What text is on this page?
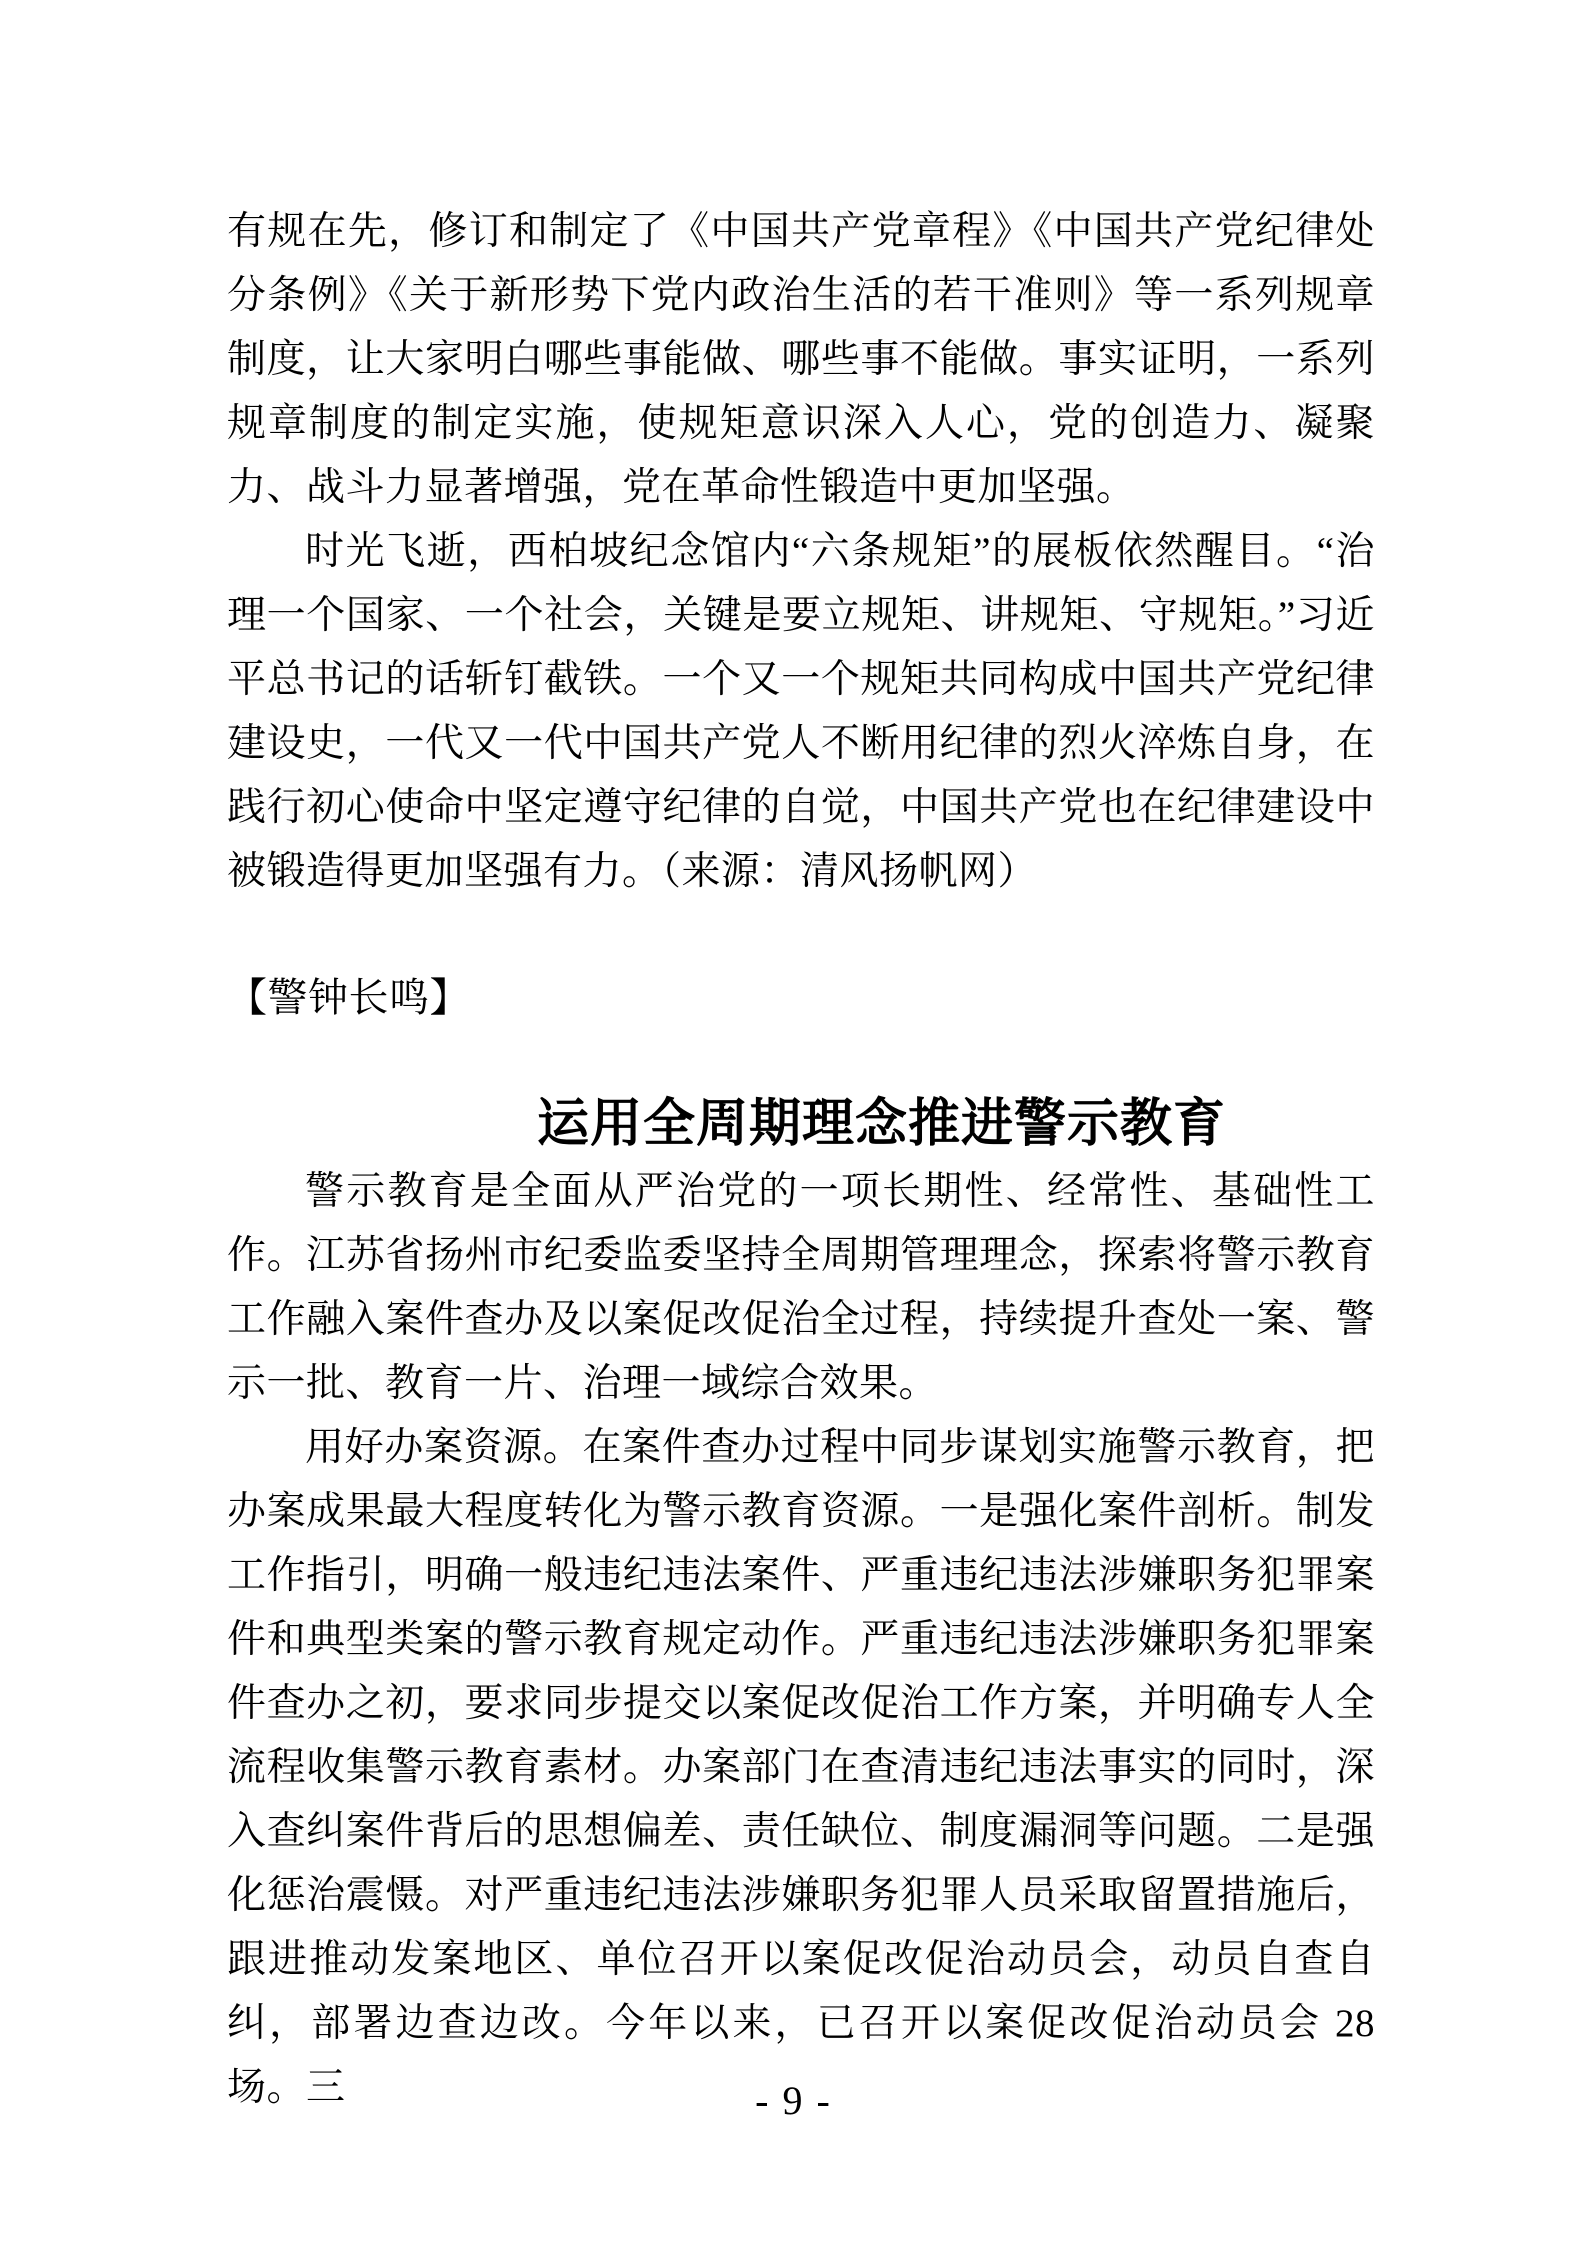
有规在先，修订和制定了《中国共产党章程》《中国共产党纪律处分条例》《关于新形势下党内政治生活的若干准则》等一系列规章制度，让大家明白哪些事能做、哪些事不能做。事实证明，一系列规章制度的制定实施，使规矩意识深入人心，党的创造力、凝聚力、战斗力显著增强，党在革命性锻造中更加坚强。

时光飞逝，西柏坡纪念馆内“六条规矩”的展板依然醒目。“治理一个国家、一个社会，关键是要立规矩、讲规矩、守规矩。”习近平总书记的话斩钉截铁。一个又一个规矩共同构成中国共产党纪律建设史，一代又一代中国共产党人不断用纪律的烈火淬炼自身，在践行初心使命中坚定遵守纪律的自觉，中国共产党也在纪律建设中被锻造得更加坚强有力。（来源：清风扬帆网）

【警钟长鸣】
运用全周期理念推进警示教育

警示教育是全面从严治党的一项长期性、经常性、基础性工作。江苏省扬州市纪委监委坚持全周期管理理念，探索将警示教育工作融入案件查办及以案促改促治全过程，持续提升查处一案、警示一批、教育一片、治理一域综合效果。

用好办案资源。在案件查办过程中同步谋划实施警示教育，把办案成果最大程度转化为警示教育资源。一是强化案件剖析。制发工作指引，明确一般违纪违法案件、严重违纪违法涉嫌职务犯罪案件和典型类案的警示教育规定动作。严重违纪违法涉嫌职务犯罪案件查办之初，要求同步提交以案促改促治工作方案，并明确专人全流程收集警示教育素材。办案部门在查清违纪违法事实的同时，深入查纠案件背后的思想偏差、责任缺位、制度漏洞等问题。二是强化惩治震慑。对严重违纪违法涉嫌职务犯罪人员采取留置措施后，跟进推动发案地区、单位召开以案促改促治动员会，动员自查自纠，部署边查边改。今年以来，已召开以案促改促治动员会 28 场。三	- 9 -
